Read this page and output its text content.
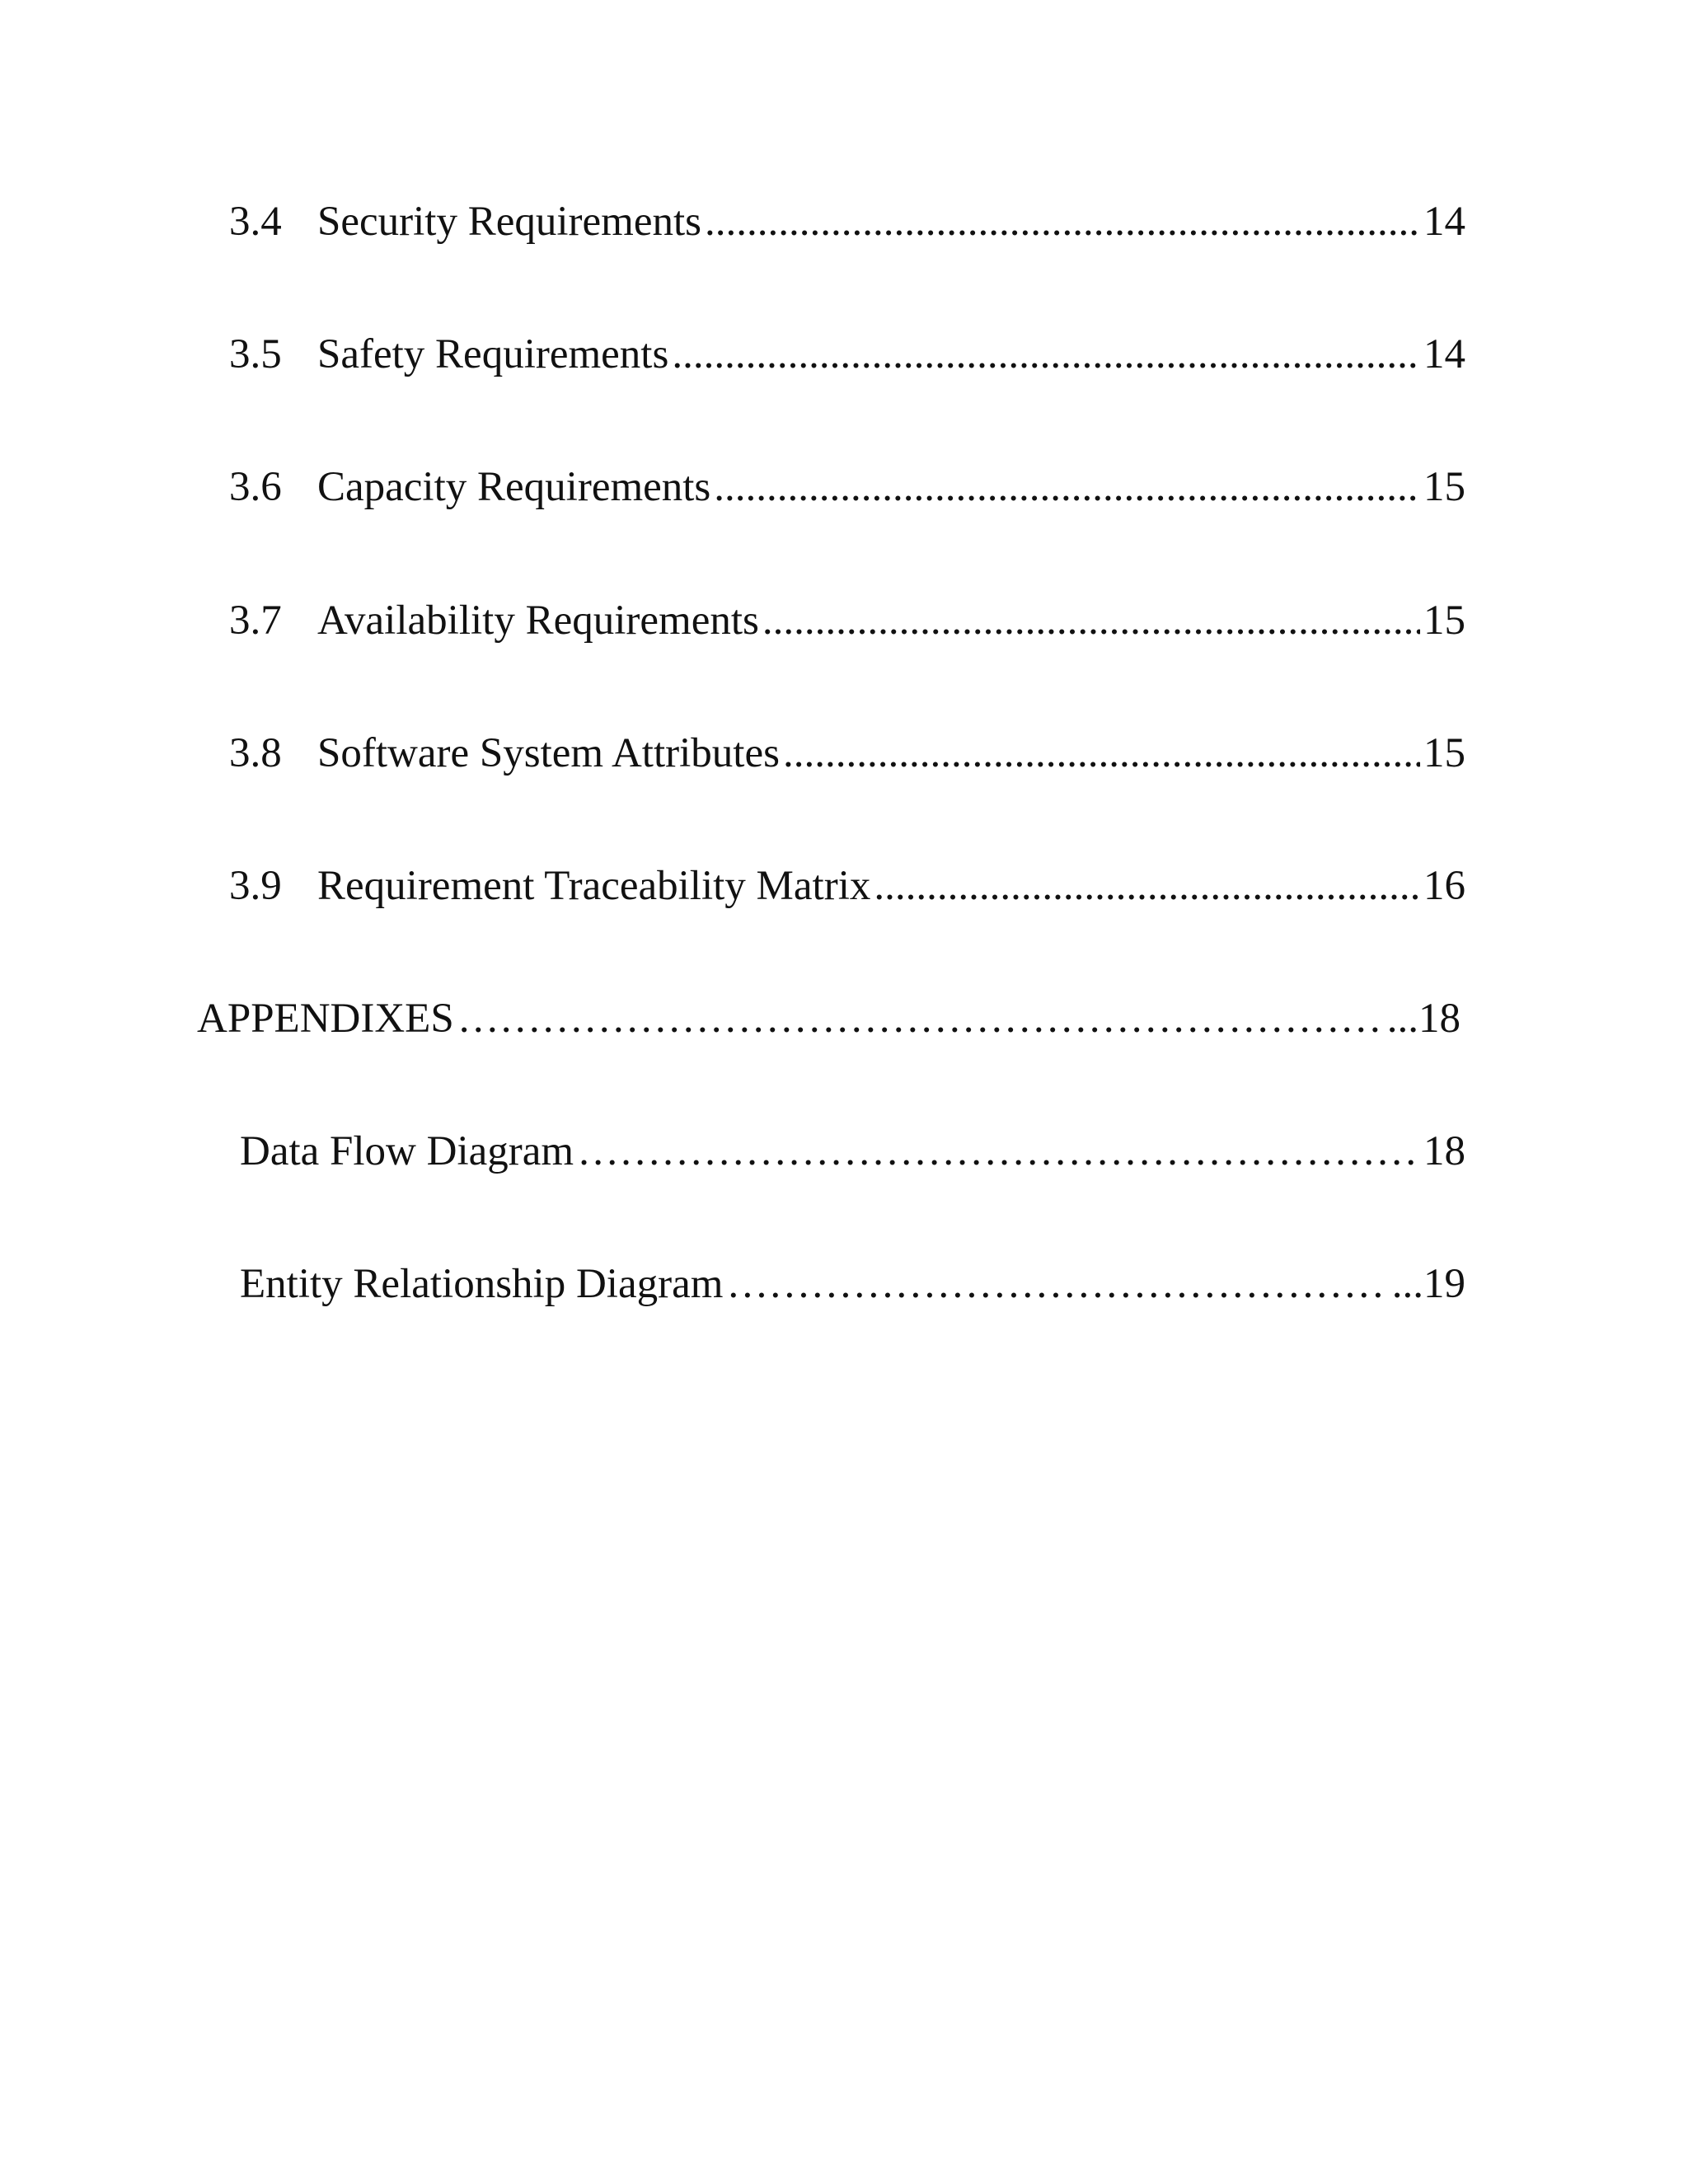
3.4 Security Requirements .....	14
3.5 Safety Requirements .....	14
3.6 Capacity Requirements .....	15
3.7 Availability Requirements .....	15
3.8 Software System Attributes .....	15
3.9 Requirement Traceability Matrix .....	16
APPENDIXES …………………………………………………………………………………………………………………………………………………………………………………………	...18
Data Flow Diagram …………………………………………………………………………………………………………………………………………………………………………………………	18
Entity Relationship Diagram …………………………………………………………………………………………………………………………………………………………………………………………	...19
